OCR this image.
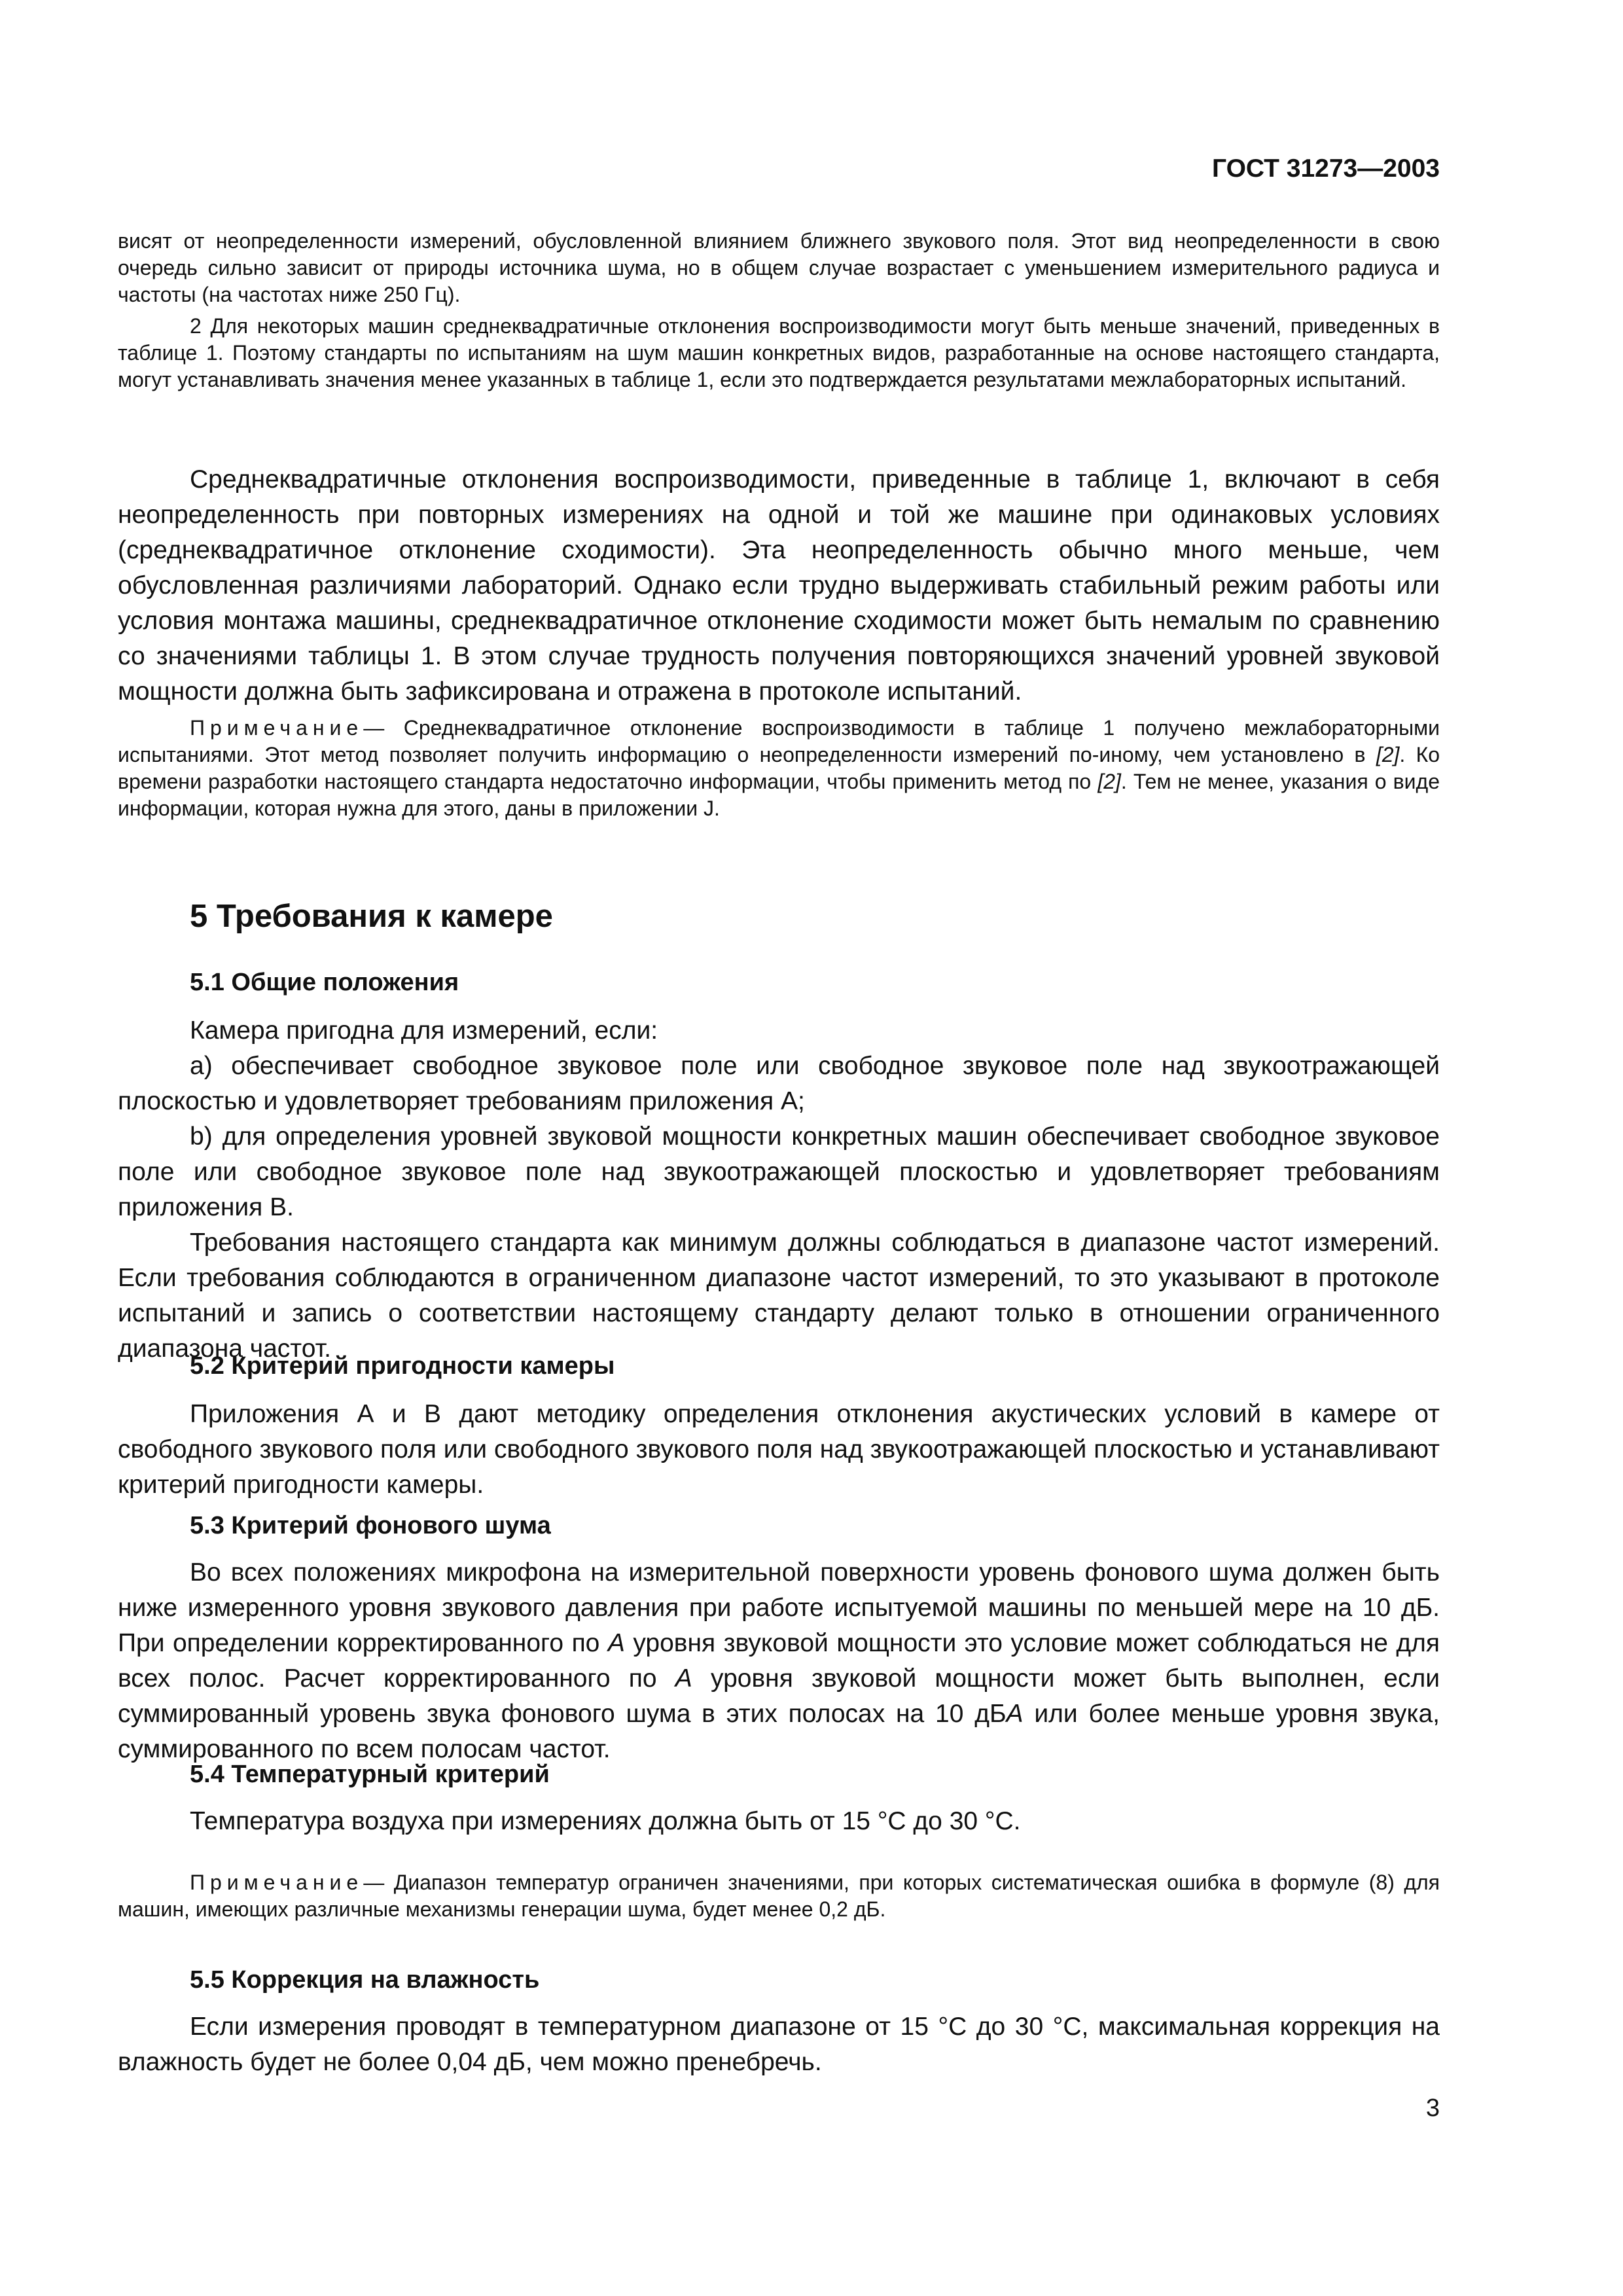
ГОСТ 31273—2003

висят от неопределенности измерений, обусловленной влиянием ближнего звукового поля. Этот вид неопределенности в свою очередь сильно зависит от природы источника шума, но в общем случае возрастает с уменьшением измерительного радиуса и частоты (на частотах ниже 250 Гц).

2 Для некоторых машин среднеквадратичные отклонения воспроизводимости могут быть меньше значений, приведенных в таблице 1. Поэтому стандарты по испытаниям на шум машин конкретных видов, разработанные на основе настоящего стандарта, могут устанавливать значения менее указанных в таблице 1, если это подтверждается результатами межлабораторных испытаний.

Среднеквадратичные отклонения воспроизводимости, приведенные в таблице 1, включают в себя неопределенность при повторных измерениях на одной и той же машине при одинаковых условиях (среднеквадратичное отклонение сходимости). Эта неопределенность обычно много меньше, чем обусловленная различиями лабораторий. Однако если трудно выдерживать стабильный режим работы или условия монтажа машины, среднеквадратичное отклонение сходимости может быть немалым по сравнению со значениями таблицы 1. В этом случае трудность получения повторяющихся значений уровней звуковой мощности должна быть зафиксирована и отражена в протоколе испытаний.

Примечание— Среднеквадратичное отклонение воспроизводимости в таблице 1 получено межлабораторными испытаниями. Этот метод позволяет получить информацию о неопределенности измерений по-иному, чем установлено в [2]. Ко времени разработки настоящего стандарта недостаточно информации, чтобы применить метод по [2]. Тем не менее, указания о виде информации, которая нужна для этого, даны в приложении J.

5 Требования к камере
5.1 Общие положения

Камера пригодна для измерений, если:

a) обеспечивает свободное звуковое поле или свободное звуковое поле над звукоотражающей плоскостью и удовлетворяет требованиям приложения А;

b) для определения уровней звуковой мощности конкретных машин обеспечивает свободное звуковое поле или свободное звуковое поле над звукоотражающей плоскостью и удовлетворяет требованиям приложения В.

Требования настоящего стандарта как минимум должны соблюдаться в диапазоне частот измерений. Если требования соблюдаются в ограниченном диапазоне частот измерений, то это указывают в протоколе испытаний и запись о соответствии настоящему стандарту делают только в отношении ограниченного диапазона частот.

5.2 Критерий пригодности камеры

Приложения А и В дают методику определения отклонения акустических условий в камере от свободного звукового поля или свободного звукового поля над звукоотражающей плоскостью и устанавливают критерий пригодности камеры.

5.3 Критерий фонового шума

Во всех положениях микрофона на измерительной поверхности уровень фонового шума должен быть ниже измеренного уровня звукового давления при работе испытуемой машины по меньшей мере на 10 дБ. При определении корректированного по А уровня звуковой мощности это условие может соблюдаться не для всех полос. Расчет корректированного по А уровня звуковой мощности может быть выполнен, если суммированный уровень звука фонового шума в этих полосах на 10 дБА или более меньше уровня звука, суммированного по всем полосам частот.

5.4 Температурный критерий

Температура воздуха при измерениях должна быть от 15 °С до 30 °С.

Примечание— Диапазон температур ограничен значениями, при которых систематическая ошибка в формуле (8) для машин, имеющих различные механизмы генерации шума, будет менее 0,2 дБ.

5.5 Коррекция на влажность

Если измерения проводят в температурном диапазоне от 15 °С до 30 °С, максимальная коррекция на влажность будет не более 0,04 дБ, чем можно пренебречь.

3
